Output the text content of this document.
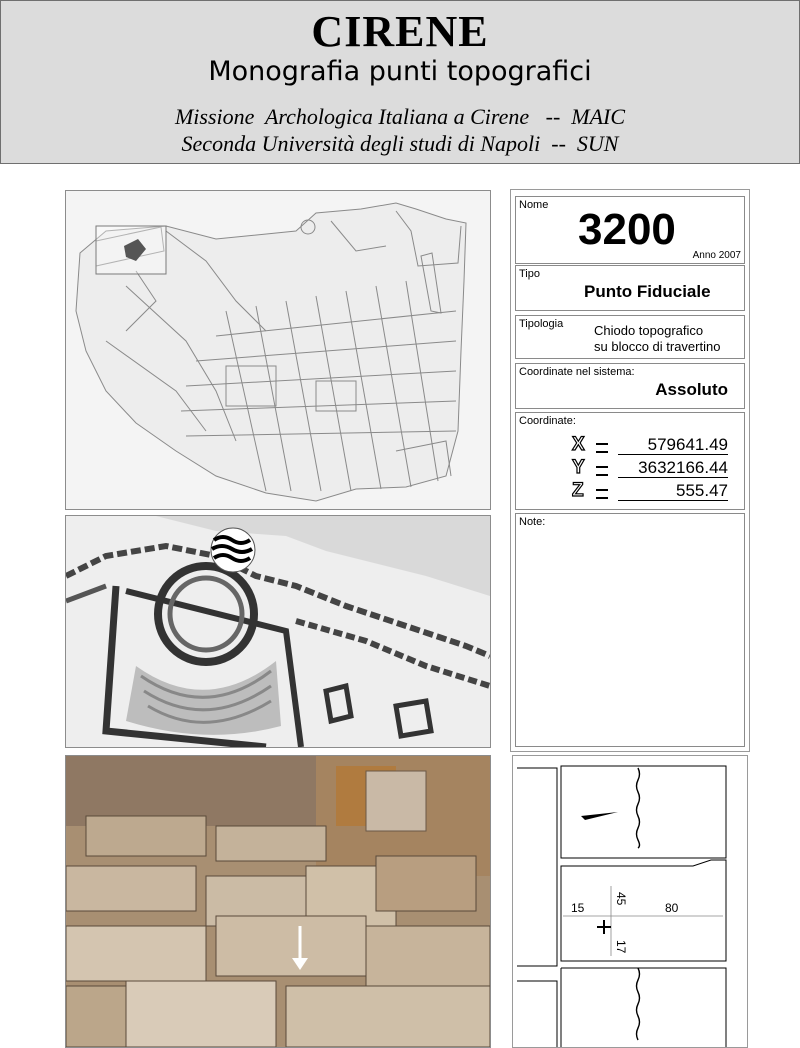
CIRENE
Monografia punti topografici
Missione  Archologica Italiana a Cirene   --  MAIC
Seconda Università degli studi di Napoli  --  SUN
Nome 3200
Anno 2007
Tipo
Punto Fiduciale
Tipologia Chiodo topografico
su blocco di travertino
Coordinate nel sistema:
Assoluto
Coordinate:
X	579641.49
Y	3632166.44
Z	555.47
Note:
15	80
45
17
